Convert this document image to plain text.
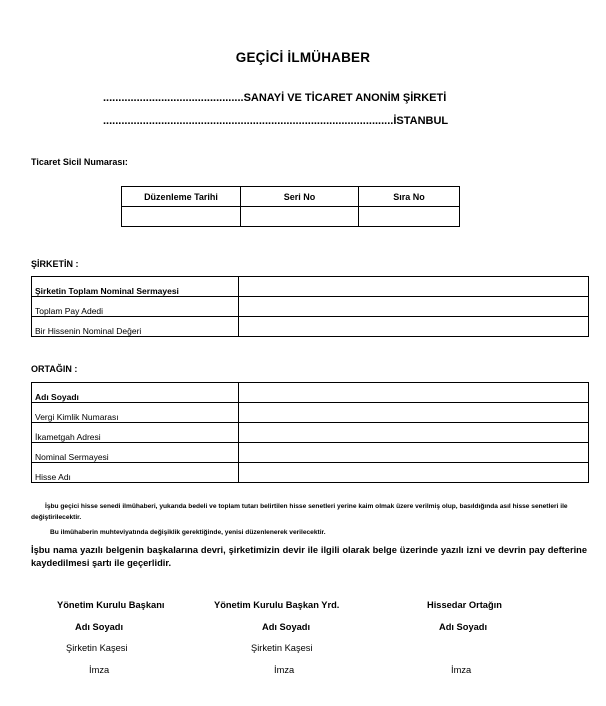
GEÇİCİ İLMÜHABER
..............................................SANAYİ VE TİCARET ANONİM ŞİRKETİ
...............................................................................................İSTANBUL
Ticaret Sicil Numarası:
Düzenleme Tarihi	Seri No	Sıra No

ŞİRKETİN :
Şirketin Toplam Nominal Sermayesi	
Toplam Pay Adedi	
Bir Hissenin Nominal Değeri	
ORTAĞIN :
Adı Soyadı	
Vergi Kimlik Numarası	
İkametgah Adresi	
Nominal Sermayesi	
Hisse Adı	
İşbu geçici hisse senedi ilmühaberi, yukarıda bedeli ve toplam tutarı belirtilen hisse senetleri yerine kaim olmak üzere verilmiş olup, basıldığında asıl hisse senetleri ile değiştirilecektir.
Bu ilmühaberin muhteviyatında değişiklik gerektiğinde, yenisi düzenlenerek verilecektir.
İşbu nama yazılı belgenin başkalarına devri, şirketimizin devir ile ilgili olarak belge üzerinde yazılı izni ve devrin pay defterine kaydedilmesi şartı ile geçerlidir.
Yönetim Kurulu Başkanı
Adı Soyadı
Şirketin Kaşesi
İmza
Yönetim Kurulu Başkan Yrd.
Adı Soyadı
Şirketin Kaşesi
İmza
Hissedar Ortağın
Adı Soyadı
İmza
